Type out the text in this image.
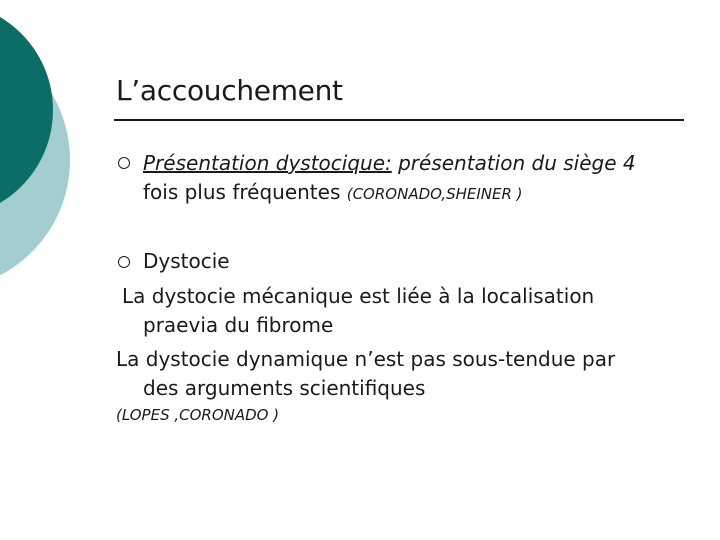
L’accouchement
Présentation dystocique: présentation du siège 4
fois plus fréquentes (CORONADO,SHEINER )
Dystocie
La dystocie mécanique est liée à la localisation
praevia du fibrome
La dystocie dynamique n’est pas sous-tendue par
des arguments scientifiques
(LOPES ,CORONADO )
